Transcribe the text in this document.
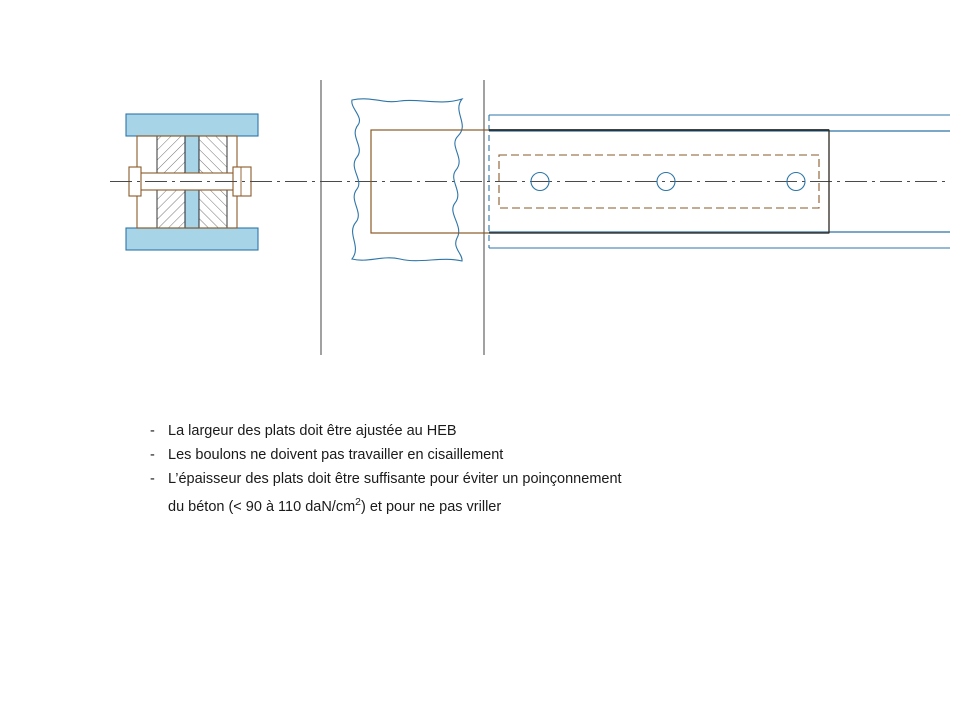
- La largeur des plats doit être ajustée au HEB
- Les boulons ne doivent pas travailler en cisaillement
- L’épaisseur des plats doit être suffisante pour éviter un poinçonnement
du béton (< 90 à 110 daN/$cm^2$) et pour ne pas vriller
